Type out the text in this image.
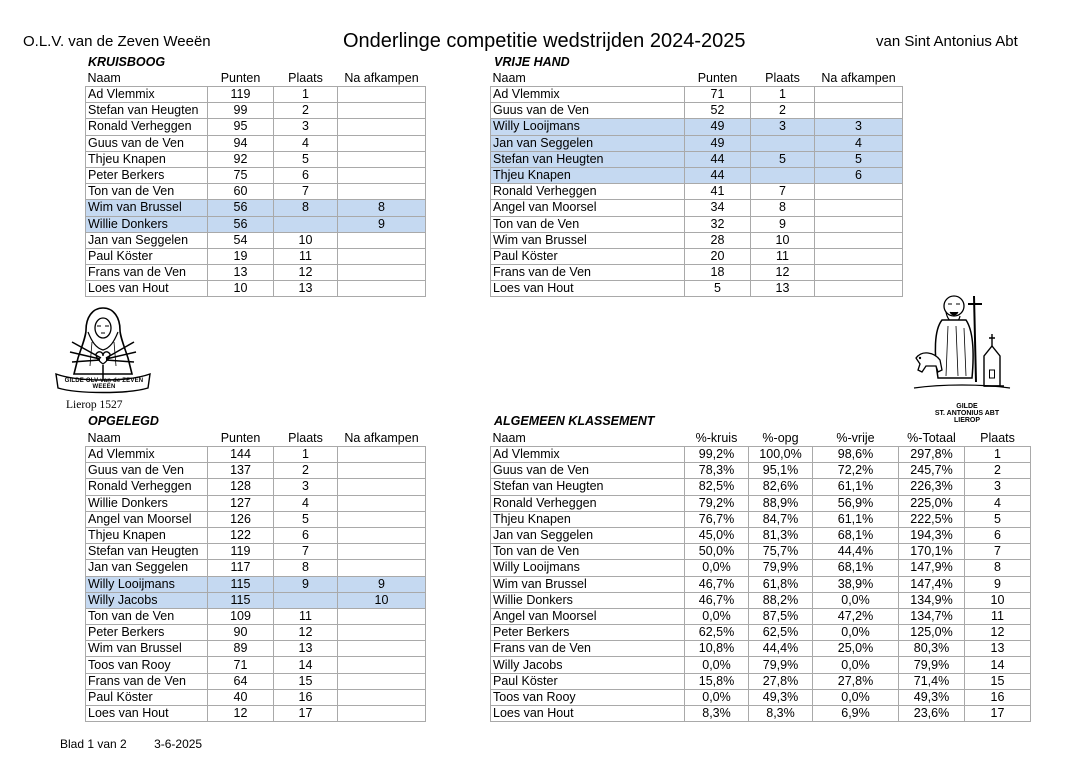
O.L.V. van de Zeven Weeën	Onderlinge competitie wedstrijden 2024-2025	van Sint Antonius Abt
KRUISBOOG	VRIJE HAND
OPGELEGD	ALGEMEEN KLASSEMENT
Naam	Punten	Plaats	Na afkampen
Ad Vlemmix	119	1	
Stefan van Heugten	99	2	
Ronald Verheggen	95	3	
Guus van de Ven	94	4	
Thjeu Knapen	92	5	
Peter Berkers	75	6	
Ton van de Ven	60	7	
Wim van Brussel	56	8	8
Willie Donkers	56		9
Jan van Seggelen	54	10	
Paul Köster	19	11	
Frans van de Ven	13	12	
Loes van Hout	10	13	
Naam	Punten	Plaats	Na afkampen
Ad Vlemmix	71	1	
Guus van de Ven	52	2	
Willy Looijmans	49	3	3
Jan van Seggelen	49		4
Stefan van Heugten	44	5	5
Thjeu Knapen	44		6
Ronald Verheggen	41	7	
Angel van Moorsel	34	8	
Ton van de Ven	32	9	
Wim van Brussel	28	10	
Paul Köster	20	11	
Frans van de Ven	18	12	
Loes van Hout	5	13	
Naam	Punten	Plaats	Na afkampen
Ad Vlemmix	144	1	
Guus van de Ven	137	2	
Ronald Verheggen	128	3	
Willie Donkers	127	4	
Angel van Moorsel	126	5	
Thjeu Knapen	122	6	
Stefan van Heugten	119	7	
Jan van Seggelen	117	8	
Willy Looijmans	115	9	9
Willy Jacobs	115		10
Ton van de Ven	109	11	
Peter Berkers	90	12	
Wim van Brussel	89	13	
Toos van Rooy	71	14	
Frans van de Ven	64	15	
Paul Köster	40	16	
Loes van Hout	12	17	
Naam	%-kruis	%-opg	%-vrije	%-Totaal	Plaats
Ad Vlemmix	99,2%	100,0%	98,6%	297,8%	1
Guus van de Ven	78,3%	95,1%	72,2%	245,7%	2
Stefan van Heugten	82,5%	82,6%	61,1%	226,3%	3
Ronald Verheggen	79,2%	88,9%	56,9%	225,0%	4
Thjeu Knapen	76,7%	84,7%	61,1%	222,5%	5
Jan van Seggelen	45,0%	81,3%	68,1%	194,3%	6
Ton van de Ven	50,0%	75,7%	44,4%	170,1%	7
Willy Looijmans	0,0%	79,9%	68,1%	147,9%	8
Wim van Brussel	46,7%	61,8%	38,9%	147,4%	9
Willie Donkers	46,7%	88,2%	0,0%	134,9%	10
Angel van Moorsel	0,0%	87,5%	47,2%	134,7%	11
Peter Berkers	62,5%	62,5%	0,0%	125,0%	12
Frans van de Ven	10,8%	44,4%	25,0%	80,3%	13
Willy Jacobs	0,0%	79,9%	0,0%	79,9%	14
Paul Köster	15,8%	27,8%	27,8%	71,4%	15
Toos van Rooy	0,0%	49,3%	0,0%	49,3%	16
Loes van Hout	8,3%	8,3%	6,9%	23,6%	17
GILDE OLV van de ZEVEN WEEËN
Lierop 1527	GILDE
ST. ANTONIUS ABT
LIEROP
Blad 1 van 2 3-6-2025
